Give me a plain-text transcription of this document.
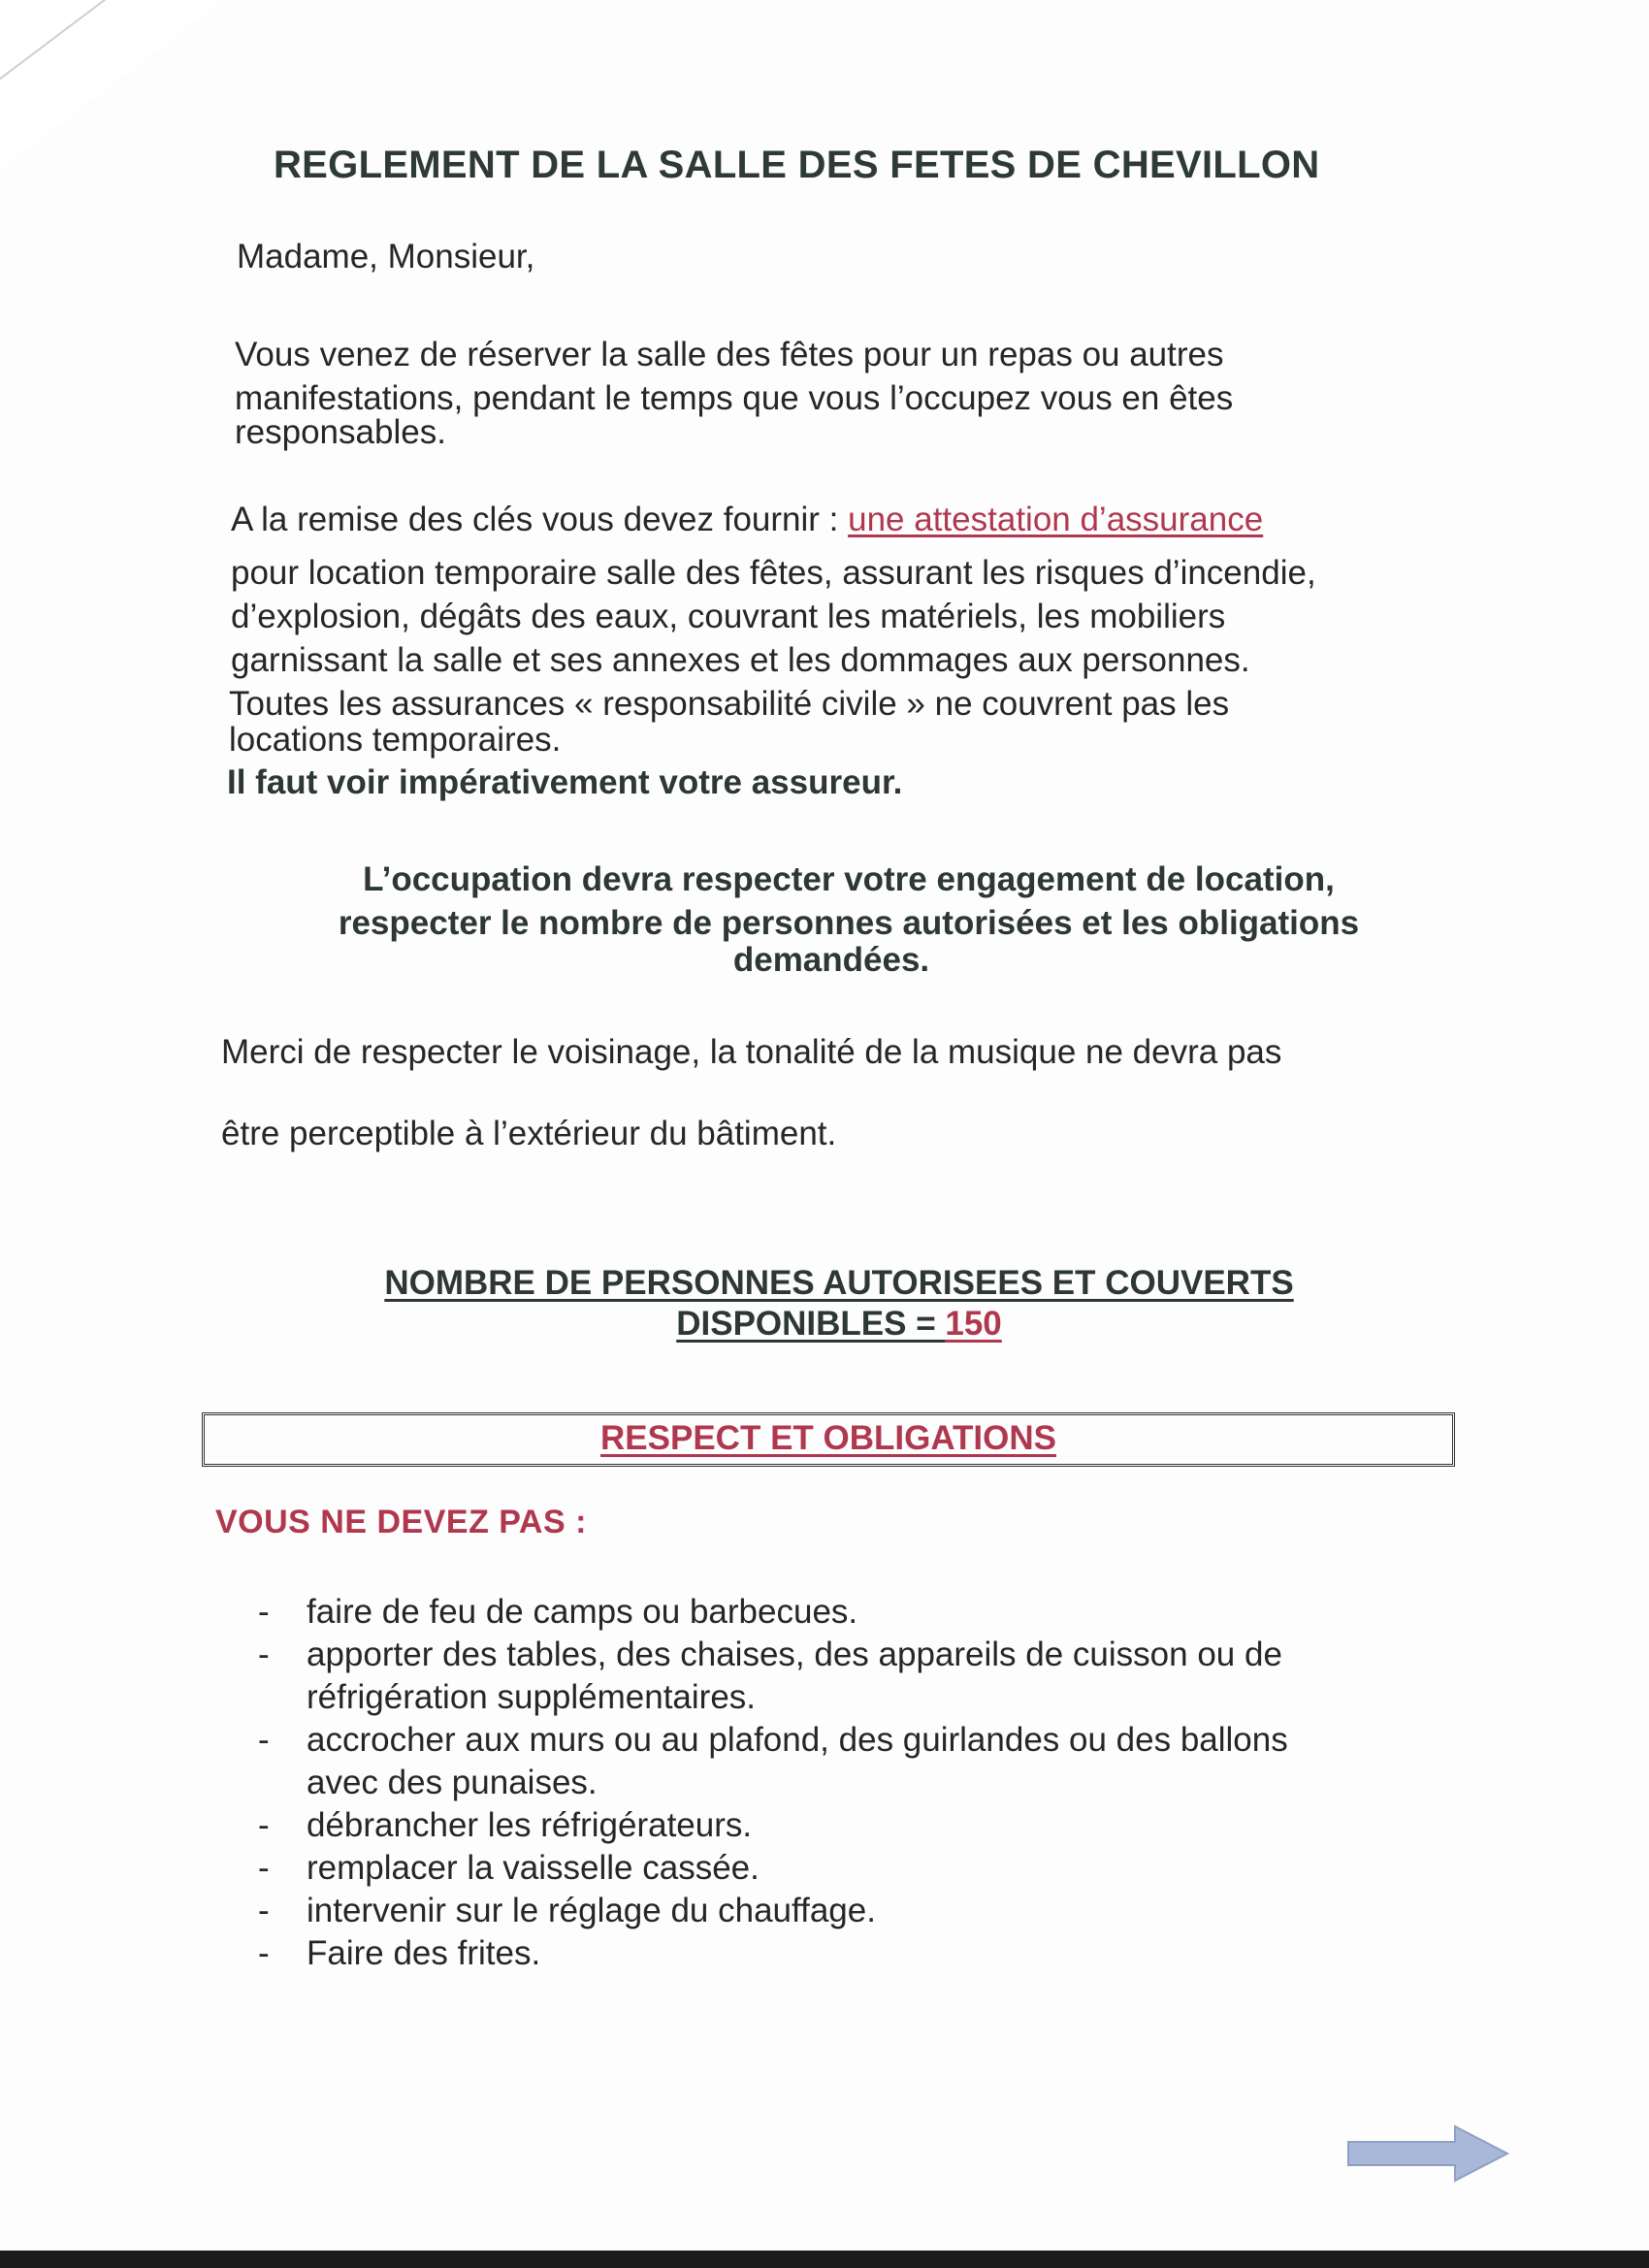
REGLEMENT DE LA SALLE DES FETES DE CHEVILLON
Madame, Monsieur,
Vous venez de réserver la salle des fêtes pour un repas ou autres
manifestations, pendant le temps que vous l’occupez vous en êtes
responsables.
A la remise des clés vous devez fournir : une attestation d’assurance
pour location temporaire salle des fêtes, assurant les risques d’incendie,
d’explosion, dégâts des eaux, couvrant les matériels, les mobiliers
garnissant la salle et ses annexes et les dommages aux personnes.
Toutes les assurances « responsabilité civile » ne couvrent pas les
locations temporaires.
Il faut voir impérativement votre assureur.
L’occupation devra respecter votre engagement de location,
respecter le nombre de personnes autorisées et les obligations
demandées.
Merci de respecter le voisinage, la tonalité de la musique ne devra pas
être perceptible à l’extérieur du bâtiment.
NOMBRE DE PERSONNES AUTORISEES ET COUVERTS
DISPONIBLES = 150
RESPECT ET OBLIGATIONS
VOUS NE DEVEZ PAS :
- faire de feu de camps ou barbecues.
- apporter des tables, des chaises, des appareils de cuisson ou de
réfrigération supplémentaires.
- accrocher aux murs ou au plafond, des guirlandes ou des ballons
avec des punaises.
- débrancher les réfrigérateurs.
- remplacer la vaisselle cassée.
- intervenir sur le réglage du chauffage.
- Faire des frites.
